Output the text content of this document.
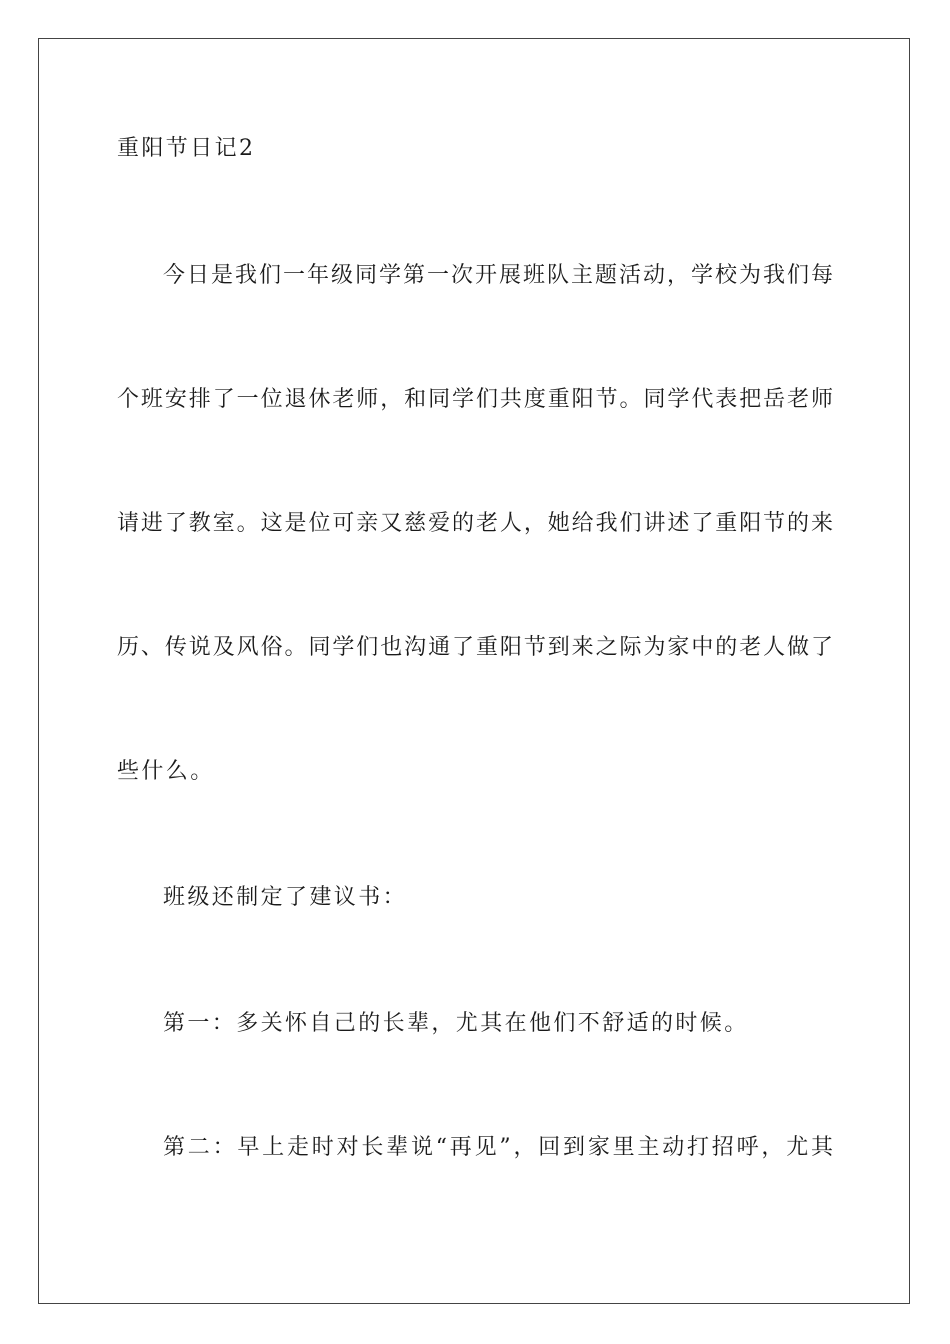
重阳节日记2
今日是我们一年级同学第一次开展班队主题活动，学校为我们每
个班安排了一位退休老师，和同学们共度重阳节。同学代表把岳老师
请进了教室。这是位可亲又慈爱的老人，她给我们讲述了重阳节的来
历、传说及风俗。同学们也沟通了重阳节到来之际为家中的老人做了
些什么。
班级还制定了建议书：
第一：多关怀自己的长辈，尤其在他们不舒适的时候。
第二：早上走时对长辈说“再见”，回到家里主动打招呼，尤其
